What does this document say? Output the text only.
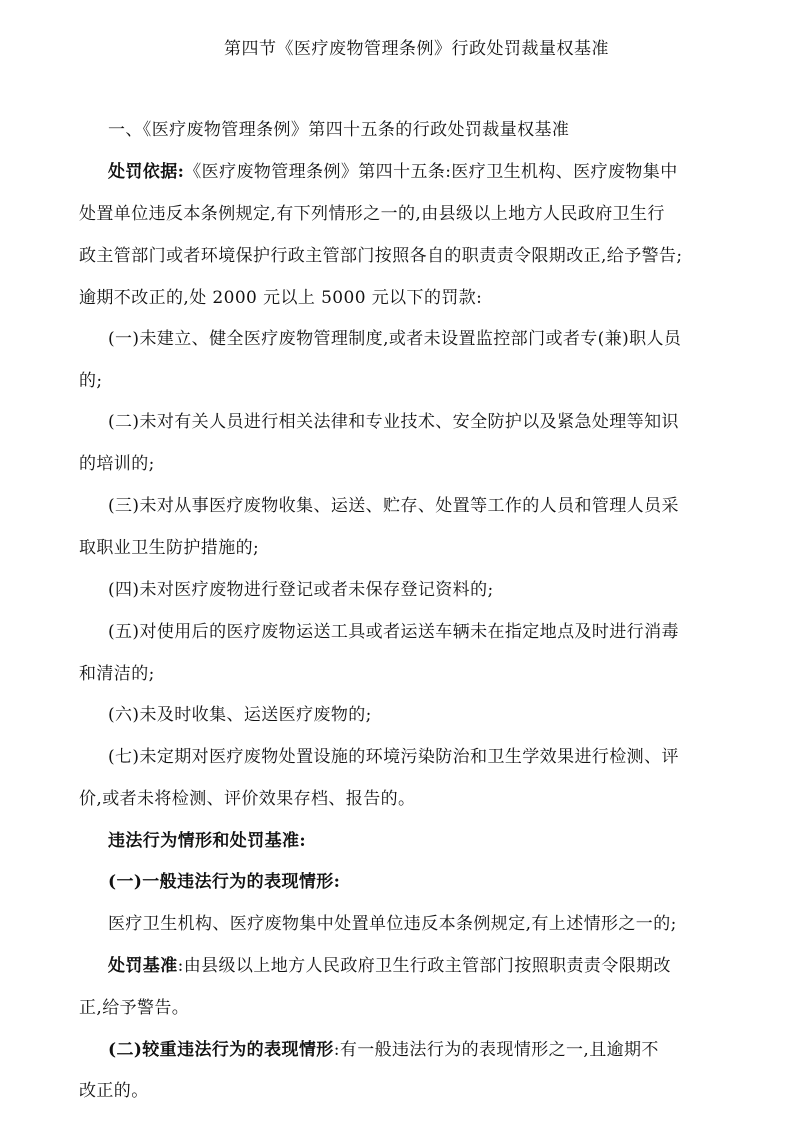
第四节《医疗废物管理条例》行政处罚裁量权基准

一、《医疗废物管理条例》第四十五条的行政处罚裁量权基准

处罚依据:《医疗废物管理条例》第四十五条:医疗卫生机构、医疗废物集中

处置单位违反本条例规定,有下列情形之一的,由县级以上地方人民政府卫生行

政主管部门或者环境保护行政主管部门按照各自的职责责令限期改正,给予警告;

逾期不改正的,处 2000 元以上 5000 元以下的罚款:

(一)未建立、健全医疗废物管理制度,或者未设置监控部门或者专(兼)职人员

的;

(二)未对有关人员进行相关法律和专业技术、安全防护以及紧急处理等知识

的培训的;

(三)未对从事医疗废物收集、运送、贮存、处置等工作的人员和管理人员采

取职业卫生防护措施的;

(四)未对医疗废物进行登记或者未保存登记资料的;

(五)对使用后的医疗废物运送工具或者运送车辆未在指定地点及时进行消毒

和清洁的;

(六)未及时收集、运送医疗废物的;

(七)未定期对医疗废物处置设施的环境污染防治和卫生学效果进行检测、评

价,或者未将检测、评价效果存档、报告的。

违法行为情形和处罚基准:

(一)一般违法行为的表现情形:

医疗卫生机构、医疗废物集中处置单位违反本条例规定,有上述情形之一的;

处罚基准:由县级以上地方人民政府卫生行政主管部门按照职责责令限期改

正,给予警告。

(二)较重违法行为的表现情形:有一般违法行为的表现情形之一,且逾期不

改正的。
